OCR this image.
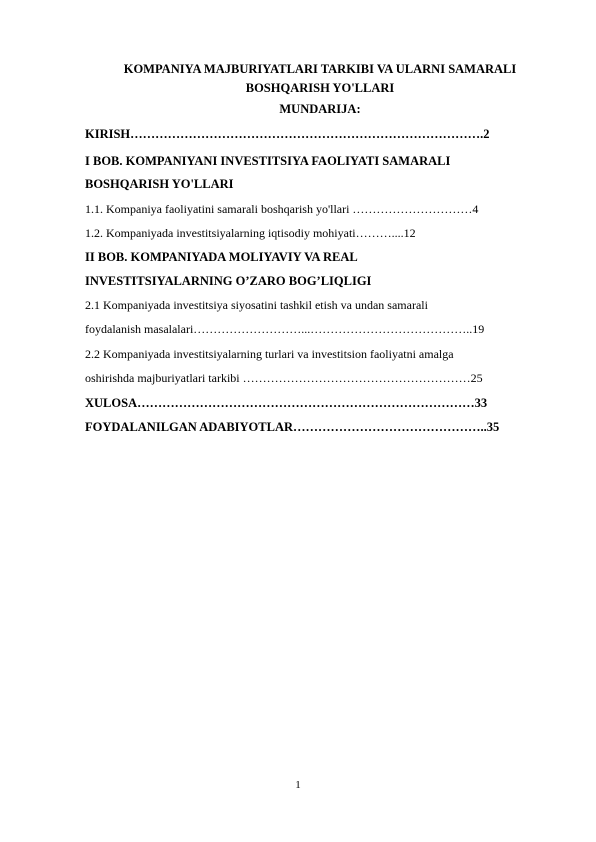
KOMPANIYA MAJBURIYATLARI TARKIBI VA ULARNI SAMARALI
BOSHQARISH YO'LLARI
MUNDARIJA:
KIRISH………………………………………………………………………….2
I BOB. KOMPANIYANI INVESTITSIYA FAOLIYATI SAMARALI
BOSHQARISH YO'LLARI
1.1. Kompaniya faoliyatini samarali boshqarish yo'llari …………………………4
1.2. Kompaniyada investitsiyalarning iqtisodiy mohiyati………....12
II BOB. KOMPANIYADA MOLIYAVIY VA REAL
INVESTITSIYALARNING O’ZARO BOG’LIQLIGI
2.1 Kompaniyada investitsiya siyosatini tashkil etish va undan samarali
foydalanish masalalari………………………...…………………………………..19
2.2 Kompaniyada investitsiyalarning turlari va investitsion faoliyatni amalga
oshirishda majburiyatlari tarkibi …………………………………………………25
XULOSA………………………………………………………………………33
FOYDALANILGAN ADABIYOTLAR………………………………………..35
1
